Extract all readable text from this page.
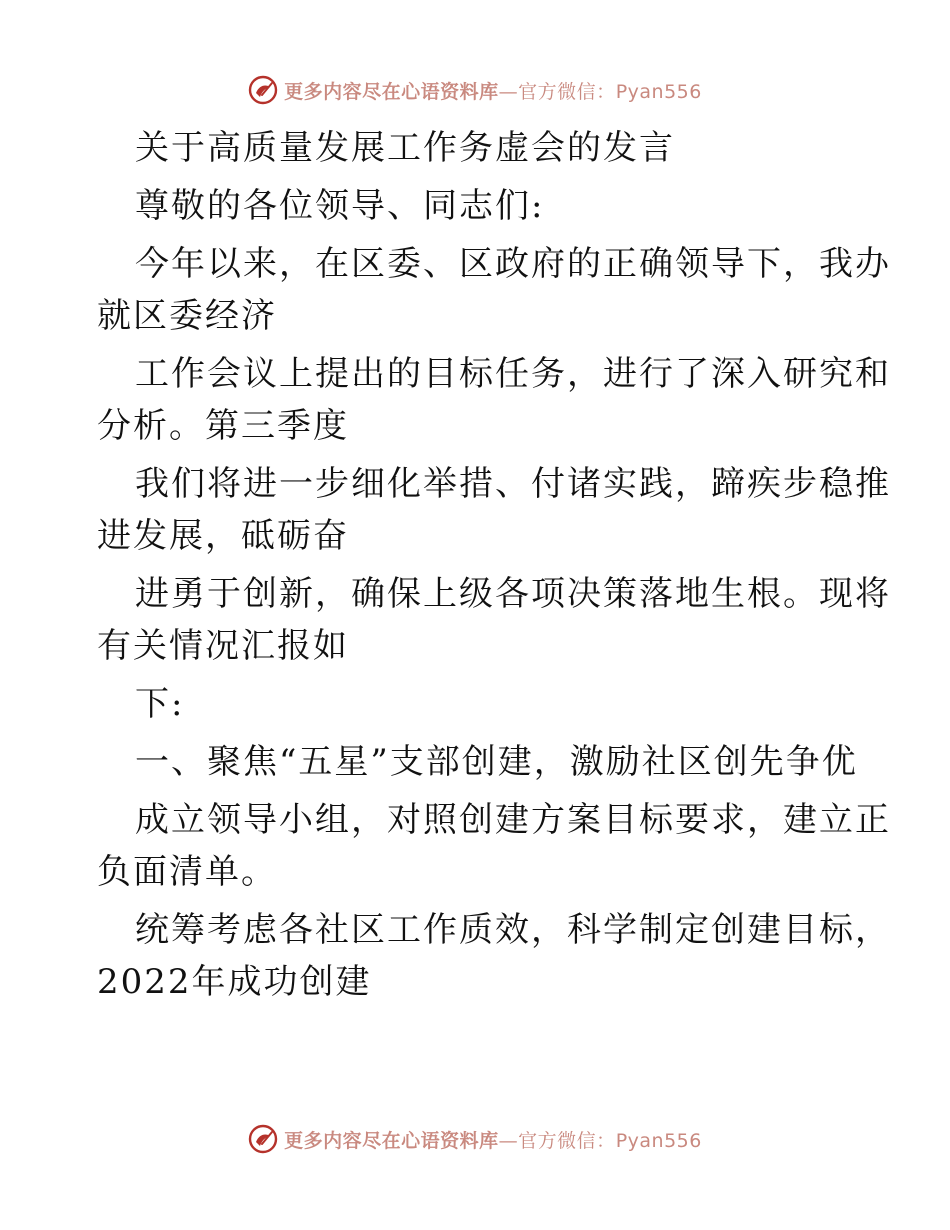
更多内容尽在心语资料库—官方微信：Pyan556
关于高质量发展工作务虚会的发言
尊敬的各位领导、同志们:
今年以来，在区委、区政府的正确领导下，我办
就区委经济
工作会议上提出的目标任务，进行了深入研究和
分析。第三季度
我们将进一步细化举措、付诸实践，蹄疾步稳推
进发展，砥砺奋
进勇于创新，确保上级各项决策落地生根。现将
有关情况汇报如
下:
一、聚焦“五星”支部创建，激励社区创先争优
成立领导小组，对照创建方案目标要求，建立正
负面清单。
统筹考虑各社区工作质效，科学制定创建目标，
2022年成功创建
更多内容尽在心语资料库—官方微信：Pyan556
